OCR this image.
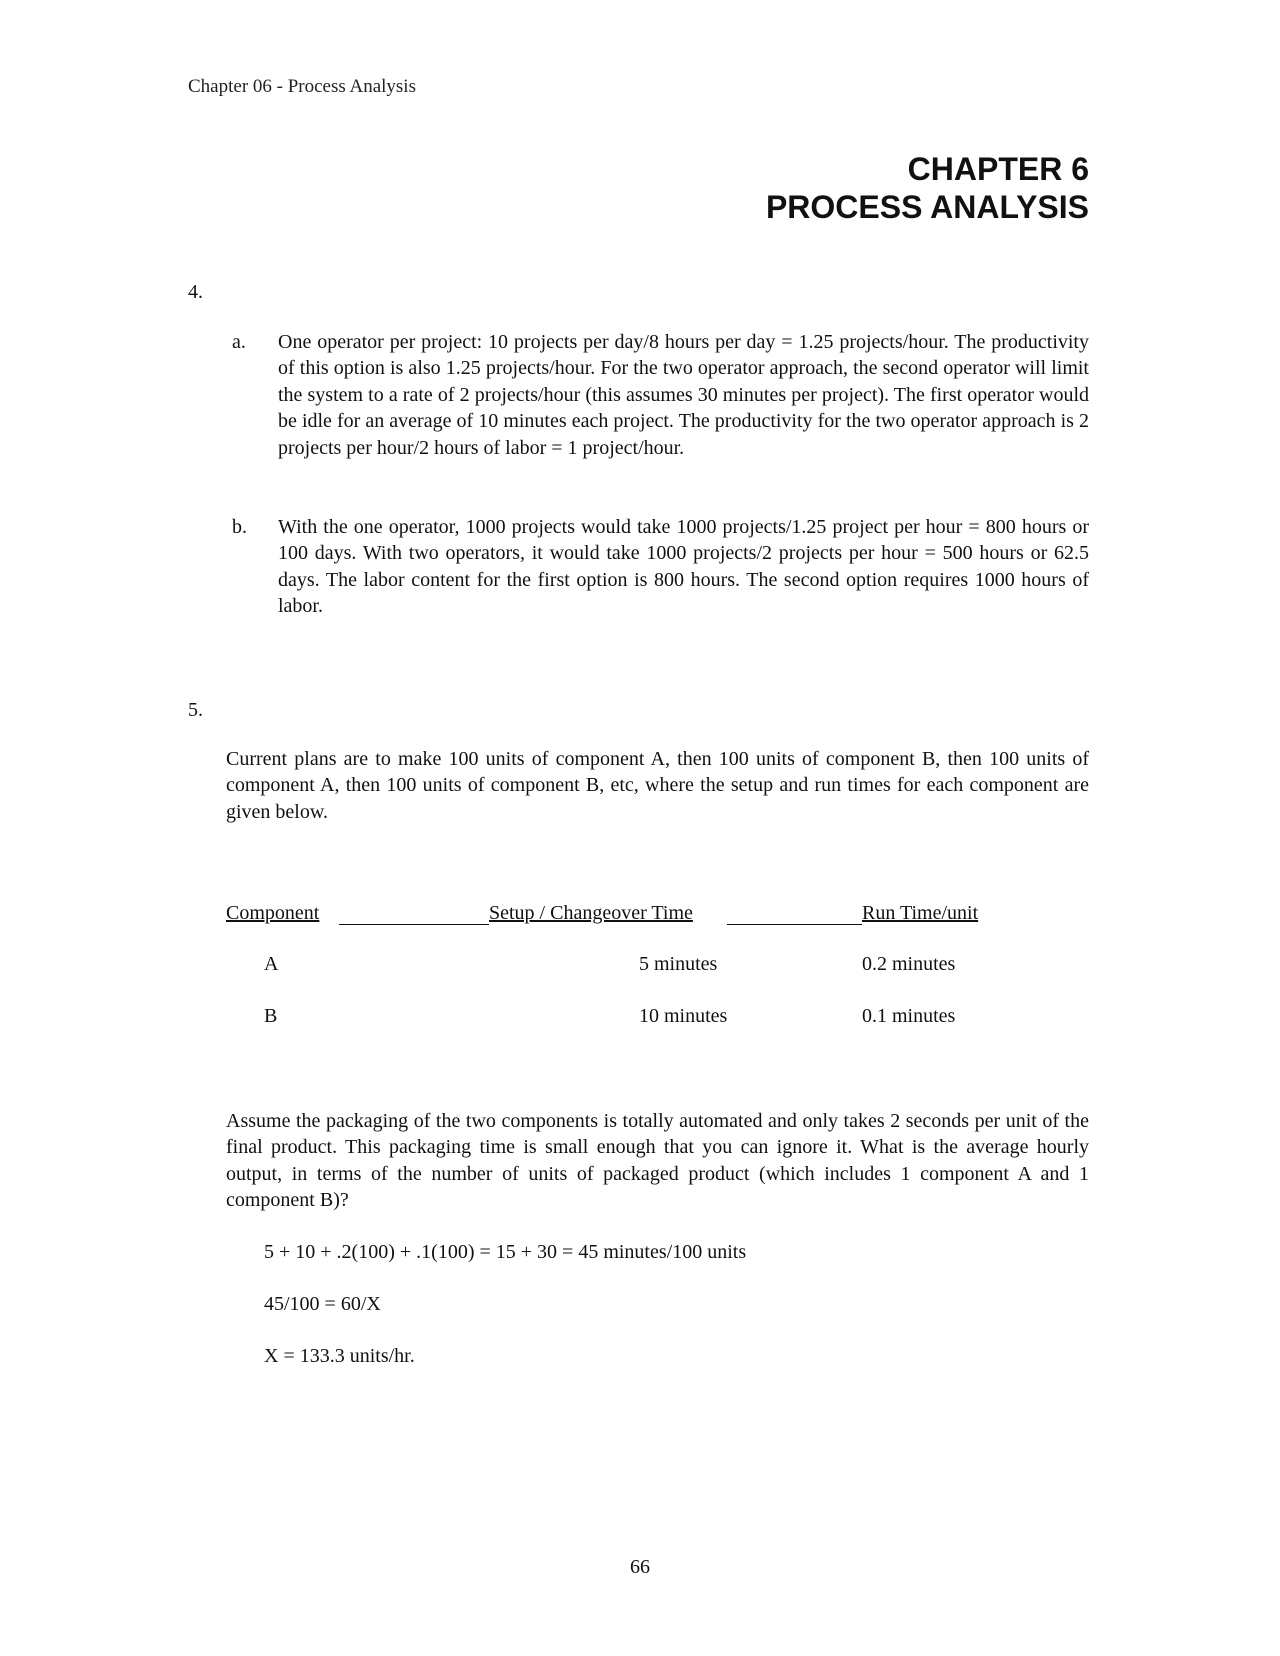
Chapter 06 - Process Analysis
CHAPTER 6
PROCESS ANALYSIS
4.
a. One operator per project: 10 projects per day/8 hours per day = 1.25 projects/hour. The productivity of this option is also 1.25 projects/hour. For the two operator approach, the second operator will limit the system to a rate of 2 projects/hour (this assumes 30 minutes per project). The first operator would be idle for an average of 10 minutes each project. The productivity for the two operator approach is 2 projects per hour/2 hours of labor = 1 project/hour.
b. With the one operator, 1000 projects would take 1000 projects/1.25 project per hour = 800 hours or 100 days. With two operators, it would take 1000 projects/2 projects per hour = 500 hours or 62.5 days. The labor content for the first option is 800 hours. The second option requires 1000 hours of labor.
5.
Current plans are to make 100 units of component A, then 100 units of component B, then 100 units of component A, then 100 units of component B, etc, where the setup and run times for each component are given below.
Component	Setup / Changeover Time	Run Time/unit
A	5 minutes	0.2 minutes
B	10 minutes	0.1 minutes
Assume the packaging of the two components is totally automated and only takes 2 seconds per unit of the final product. This packaging time is small enough that you can ignore it. What is the average hourly output, in terms of the number of units of packaged product (which includes 1 component A and 1 component B)?
5 + 10 + .2(100) + .1(100) = 15 + 30 = 45 minutes/100 units
45/100 = 60/X
X = 133.3 units/hr.
66
